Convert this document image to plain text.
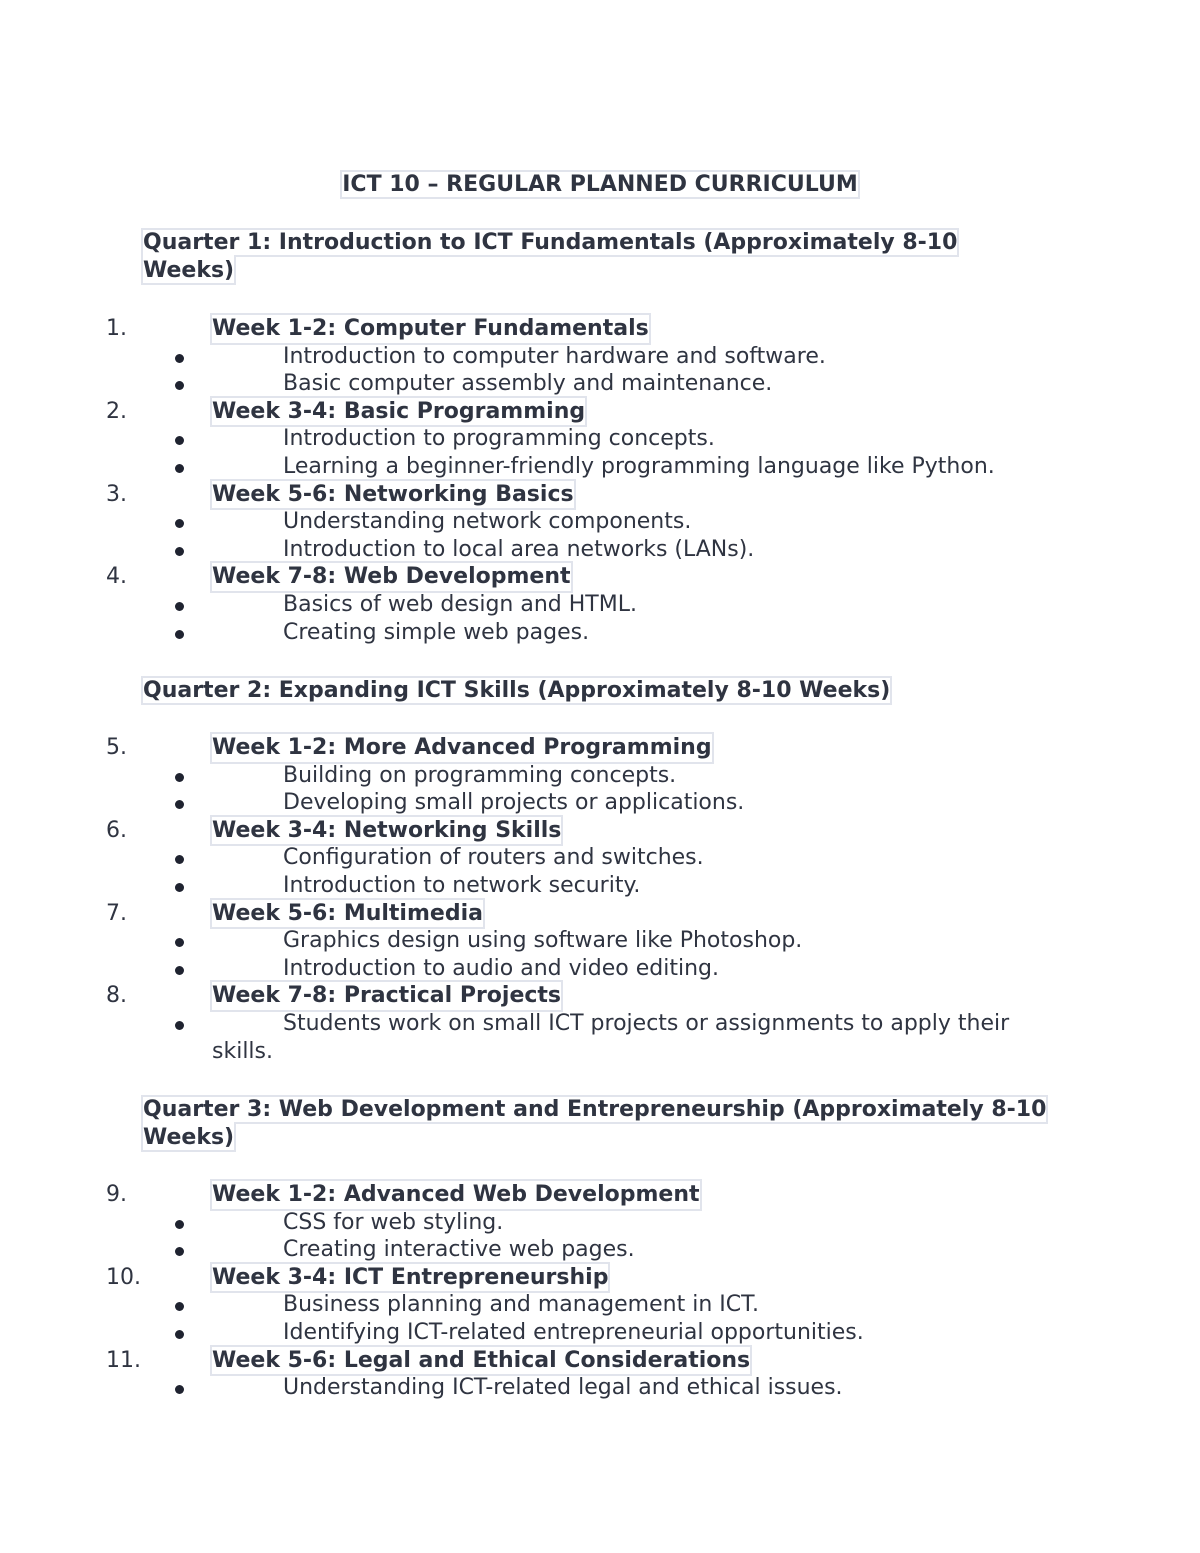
ICT 10 – REGULAR PLANNED CURRICULUM
Quarter 1: Introduction to ICT Fundamentals (Approximately 8-10 Weeks)
1.	Week 1-2: Computer Fundamentals
Introduction to computer hardware and software.
Basic computer assembly and maintenance.
2.	Week 3-4: Basic Programming
Introduction to programming concepts.
Learning a beginner-friendly programming language like Python.
3.	Week 5-6: Networking Basics
Understanding network components.
Introduction to local area networks (LANs).
4.	Week 7-8: Web Development
Basics of web design and HTML.
Creating simple web pages.
Quarter 2: Expanding ICT Skills (Approximately 8-10 Weeks)
5.	Week 1-2: More Advanced Programming
Building on programming concepts.
Developing small projects or applications.
6.	Week 3-4: Networking Skills
Configuration of routers and switches.
Introduction to network security.
7.	Week 5-6: Multimedia
Graphics design using software like Photoshop.
Introduction to audio and video editing.
8.	Week 7-8: Practical Projects
Students work on small ICT projects or assignments to apply their skills.
Quarter 3: Web Development and Entrepreneurship (Approximately 8-10 Weeks)
9.	Week 1-2: Advanced Web Development
CSS for web styling.
Creating interactive web pages.
10.	Week 3-4: ICT Entrepreneurship
Business planning and management in ICT.
Identifying ICT-related entrepreneurial opportunities.
11.	Week 5-6: Legal and Ethical Considerations
Understanding ICT-related legal and ethical issues.
